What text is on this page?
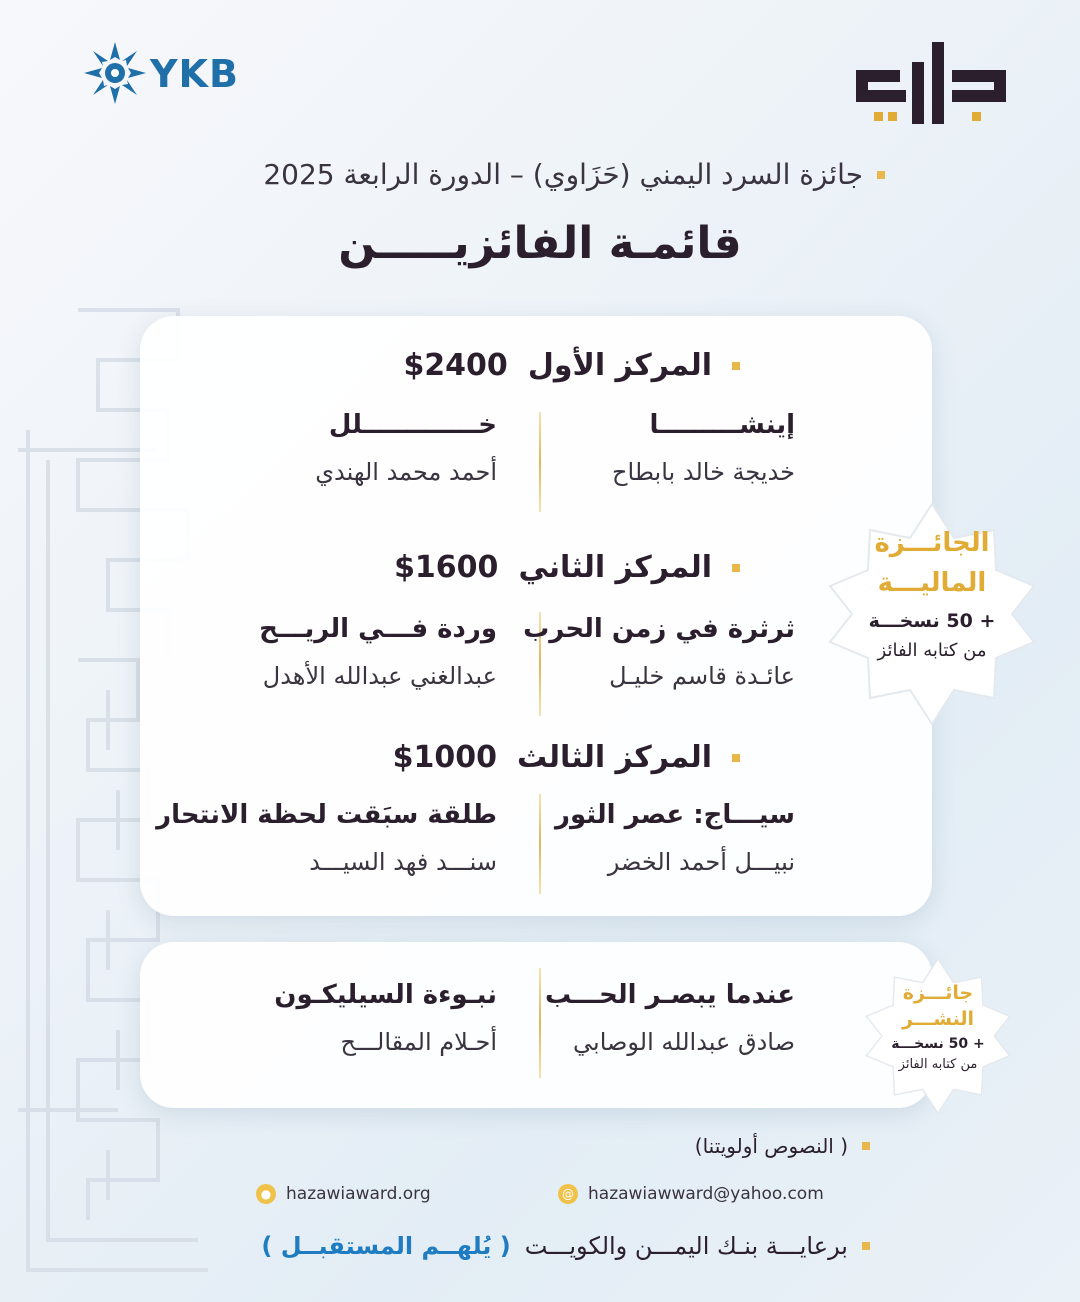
YKB
جائزة السرد اليمني (حَزَاوي) – الدورة الرابعة 2025
قائمـة الفائزيـــــن
المركز الأول
$2400
إينشـــــــــا
خديجة خالد بابطاح
خـــــــــــــلل
أحمد محمد الهندي
المركز الثاني
$1600
ثرثرة في زمن الحرب
عائـدة قاسم خليـل
وردة فـــي الريـــح
عبدالغني عبدالله الأهدل
المركز الثالث
$1000
سيـــاج: عصر الثور
نبيـــل أحمد الخضر
طلقة سبَقت لحظة الانتحار
سنـــد فهد السيـــد
الجائـــزة
الماليـــة
+ 50 نسخـــة
من كتابه الفائز
عندما يبصـر الحـــب
صادق عبدالله الوصابي
نبـوءة السيليكـون
أحـلام المقالـــح
جائـــزة
النشـــر
+ 50 نسخـــة
من كتابه الفائز
( النصوص أولويتنا)
● hazawiaward.org	@ hazawiawward@yahoo.com
برعايـــة بنـك اليمـــن والكويـــت
( يُلهــم المستقبــل )
